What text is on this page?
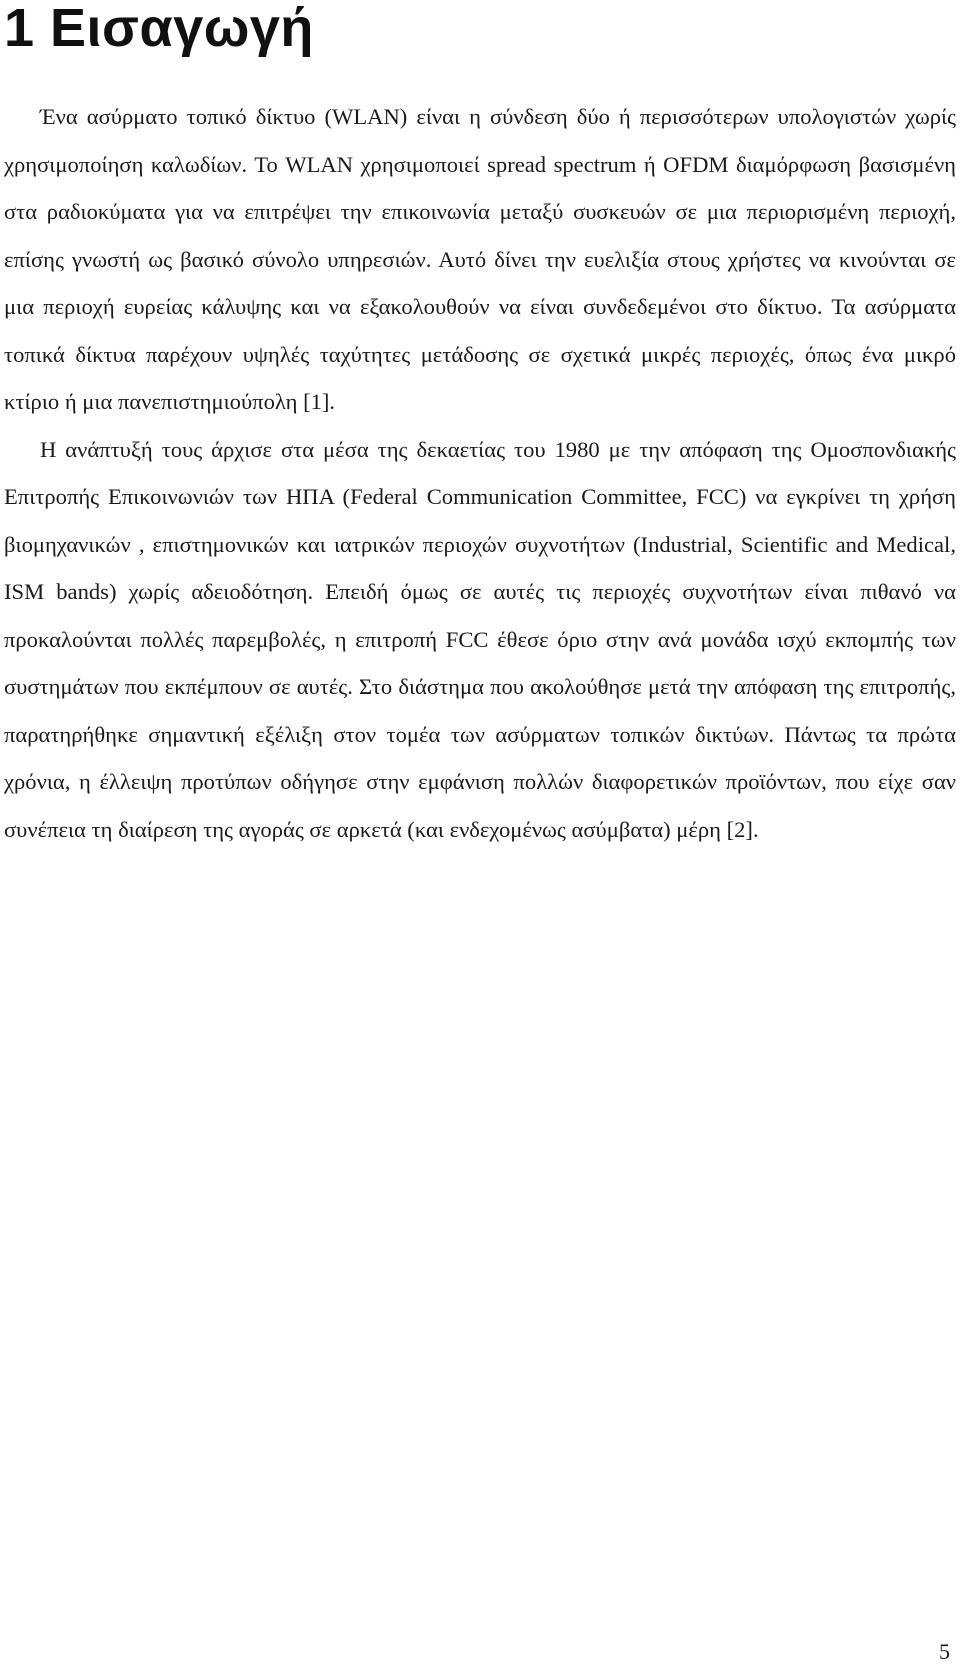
1 Εισαγωγή

Ένα ασύρματο τοπικό δίκτυο (WLAN) είναι η σύνδεση δύο ή περισσότερων υπολογιστών χωρίς χρησιμοποίηση καλωδίων. Το WLAN χρησιμοποιεί spread spectrum ή OFDM διαμόρφωση βασισμένη στα ραδιοκύματα για να επιτρέψει την επικοινωνία μεταξύ συσκευών σε μια περιορισμένη περιοχή, επίσης γνωστή ως βασικό σύνολο υπηρεσιών. Αυτό δίνει την ευελιξία στους χρήστες να κινούνται σε μια περιοχή ευρείας κάλυψης και να εξακολουθούν να είναι συνδεδεμένοι στο δίκτυο. Τα ασύρματα τοπικά δίκτυα παρέχουν υψηλές ταχύτητες μετάδοσης σε σχετικά μικρές περιοχές, όπως ένα μικρό κτίριο ή μια πανεπιστημιούπολη [1].

Η ανάπτυξή τους άρχισε στα μέσα της δεκαετίας του 1980 με την απόφαση της Ομοσπονδιακής Επιτροπής Επικοινωνιών των ΗΠΑ (Federal Communication Committee, FCC) να εγκρίνει τη χρήση βιομηχανικών , επιστημονικών και ιατρικών περιοχών συχνοτήτων (Industrial, Scientific and Medical, ISM bands) χωρίς αδειοδότηση. Επειδή όμως σε αυτές τις περιοχές συχνοτήτων είναι πιθανό να προκαλούνται πολλές παρεμβολές, η επιτροπή FCC έθεσε όριο στην ανά μονάδα ισχύ εκπομπής των συστημάτων που εκπέμπουν σε αυτές. Στο διάστημα που ακολούθησε μετά την απόφαση της επιτροπής, παρατηρήθηκε σημαντική εξέλιξη στον τομέα των ασύρματων τοπικών δικτύων. Πάντως τα πρώτα χρόνια, η έλλειψη προτύπων οδήγησε στην εμφάνιση πολλών διαφορετικών προϊόντων, που είχε σαν συνέπεια τη διαίρεση της αγοράς σε αρκετά (και ενδεχομένως ασύμβατα) μέρη [2].

5
